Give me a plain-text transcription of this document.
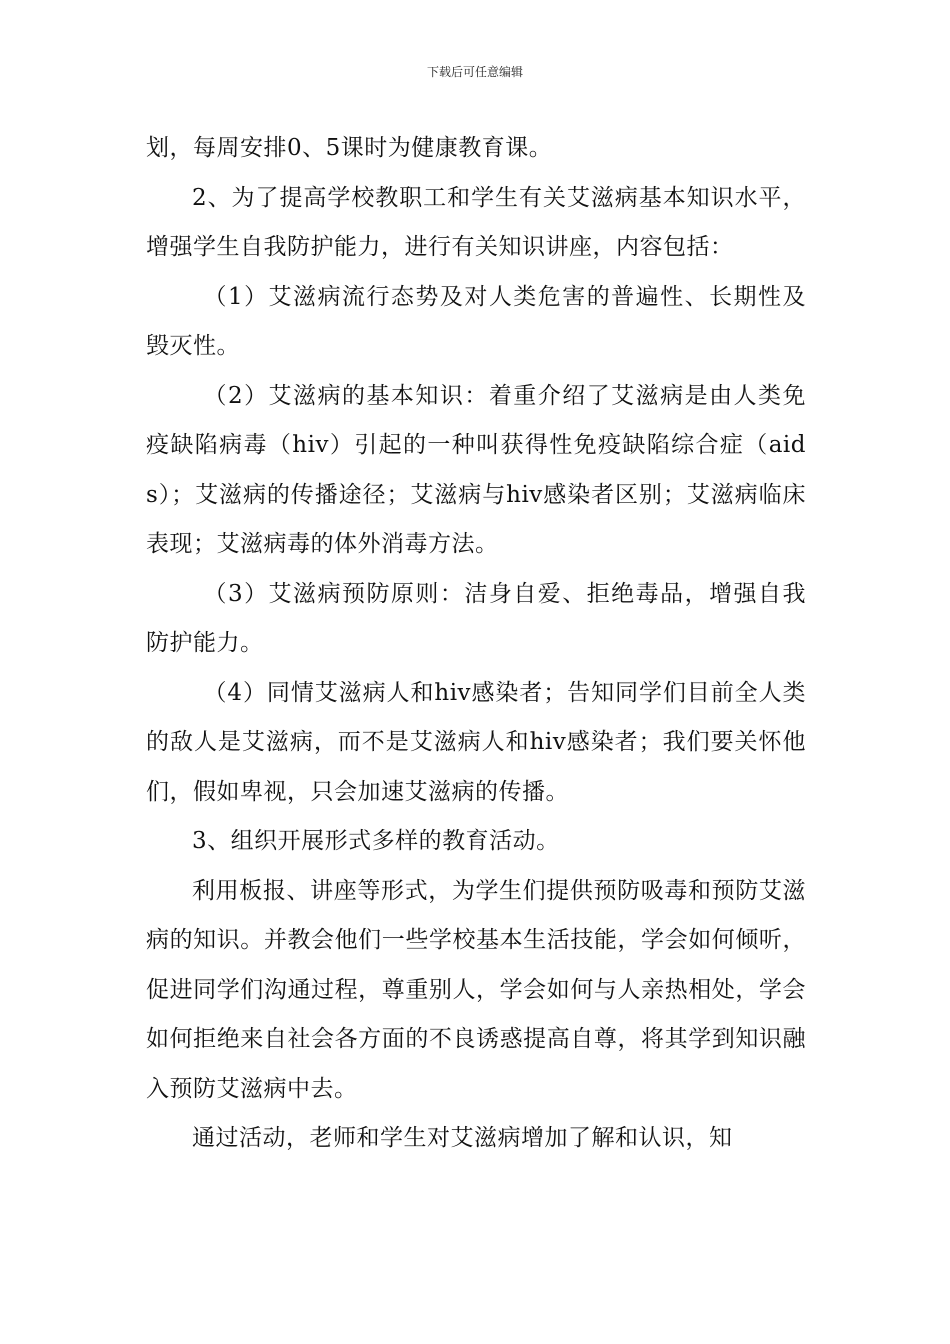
下载后可任意编辑

划，每周安排0、5课时为健康教育课。

2、为了提高学校教职工和学生有关艾滋病基本知识水平，增强学生自我防护能力，进行有关知识讲座，内容包括：

（1）艾滋病流行态势及对人类危害的普遍性、长期性及毁灭性。

（2）艾滋病的基本知识：着重介绍了艾滋病是由人类免疫缺陷病毒（hiv）引起的一种叫获得性免疫缺陷综合症（aids）；艾滋病的传播途径；艾滋病与hiv感染者区别；艾滋病临床表现；艾滋病毒的体外消毒方法。

（3）艾滋病预防原则：洁身自爱、拒绝毒品，增强自我防护能力。

（4）同情艾滋病人和hiv感染者；告知同学们目前全人类的敌人是艾滋病，而不是艾滋病人和hiv感染者；我们要关怀他们，假如卑视，只会加速艾滋病的传播。

3、组织开展形式多样的教育活动。

利用板报、讲座等形式，为学生们提供预防吸毒和预防艾滋病的知识。并教会他们一些学校基本生活技能，学会如何倾听，促进同学们沟通过程，尊重别人，学会如何与人亲热相处，学会如何拒绝来自社会各方面的不良诱惑提高自尊，将其学到知识融入预防艾滋病中去。

通过活动，老师和学生对艾滋病增加了解和认识，知
